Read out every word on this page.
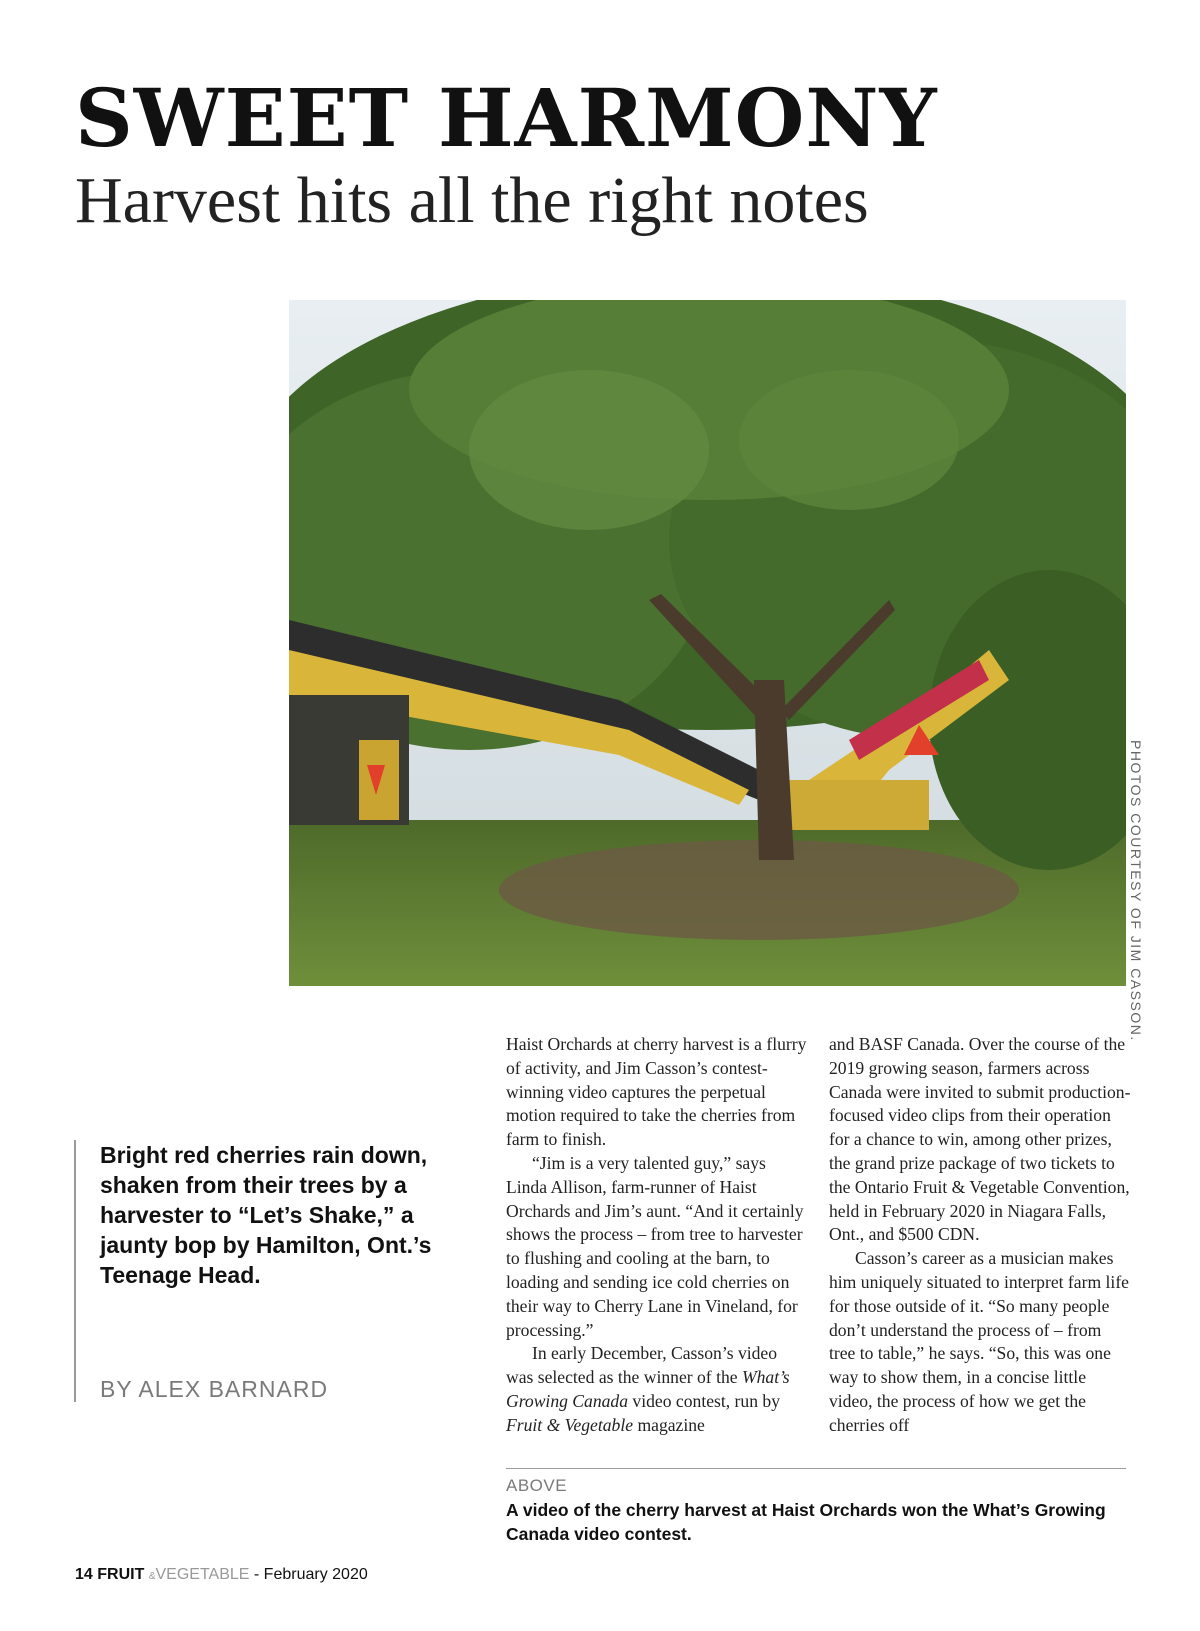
SWEET HARMONY
Harvest hits all the right notes
PHOTOS COURTESY OF JIM CASSON.

Bright red cherries rain down, shaken from their trees by a harvester to “Let’s Shake,” a jaunty bop by Hamilton, Ont.’s Teenage Head.

BY ALEX BARNARD

Haist Orchards at cherry harvest is a flurry of activity, and Jim Casson’s contest-winning video captures the perpetual motion required to take the cherries from farm to finish.

“Jim is a very talented guy,” says Linda Allison, farm-runner of Haist Orchards and Jim’s aunt. “And it certainly shows the process – from tree to harvester to flushing and cooling at the barn, to loading and sending ice cold cherries on their way to Cherry Lane in Vineland, for processing.”

In early December, Casson’s video was selected as the winner of the What’s Growing Canada video contest, run by Fruit & Vegetable magazine

and BASF Canada. Over the course of the 2019 growing season, farmers across Canada were invited to submit production-focused video clips from their operation for a chance to win, among other prizes, the grand prize package of two tickets to the Ontario Fruit & Vegetable Convention, held in February 2020 in Niagara Falls, Ont., and $500 CDN.

Casson’s career as a musician makes him uniquely situated to interpret farm life for those outside of it. “So many people don’t understand the process of – from tree to table,” he says. “So, this was one way to show them, in a concise little video, the process of how we get the cherries off

ABOVE

A video of the cherry harvest at Haist Orchards won the What’s Growing Canada video contest.

14 FRUIT &VEGETABLE - February 2020
